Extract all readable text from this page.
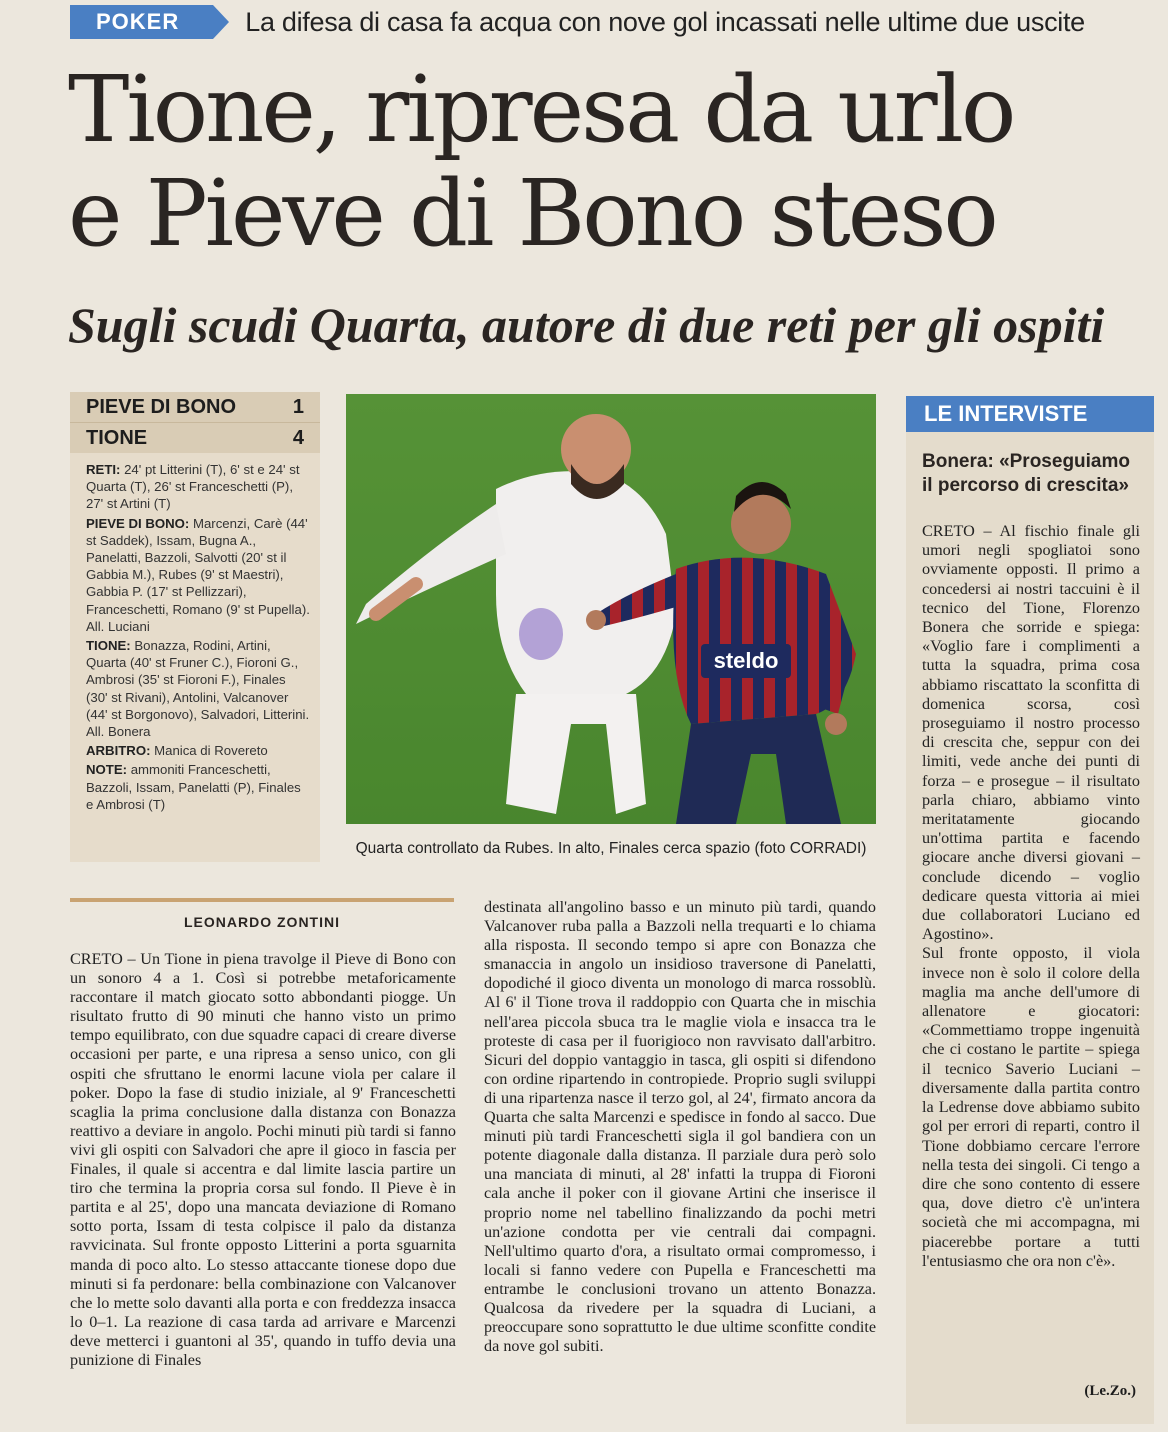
POKER	La difesa di casa fa acqua con nove gol incassati nelle ultime due uscite
Tione, ripresa da urlo
e Pieve di Bono steso
Sugli scudi Quarta, autore di due reti per gli ospiti
PIEVE DI BONO	1
TIONE	4

RETI: 24' pt Litterini (T), 6' st e 24' st Quarta (T), 26' st Franceschetti (P), 27' st Artini (T)

PIEVE DI BONO: Marcenzi, Carè (44' st Saddek), Issam, Bugna A., Panelatti, Bazzoli, Salvotti (20' st il Gabbia M.), Rubes (9' st Maestri), Gabbia P. (17' st Pellizzari), Franceschetti, Romano (9' st Pupella). All. Luciani

TIONE: Bonazza, Rodini, Artini, Quarta (40' st Fruner C.), Fioroni G., Ambrosi (35' st Fioroni F.), Finales (30' st Rivani), Antolini, Valcanover (44' st Borgonovo), Salvadori, Litterini. All. Bonera

ARBITRO: Manica di Rovereto

NOTE: ammoniti Franceschetti, Bazzoli, Issam, Panelatti (P), Finales e Ambrosi (T)

steldo
Quarta controllato da Rubes. In alto, Finales cerca spazio (foto CORRADI)
LE INTERVISTE
Bonera: «Proseguiamo il percorso di crescita»

CRETO – Al fischio finale gli umori negli spogliatoi sono ovviamente opposti. Il primo a concedersi ai nostri taccuini è il tecnico del Tione, Florenzo Bonera che sorride e spiega: «Voglio fare i complimenti a tutta la squadra, prima cosa abbiamo riscattato la sconfitta di domenica scorsa, così proseguiamo il nostro processo di crescita che, seppur con dei limiti, vede anche dei punti di forza – e prosegue – il risultato parla chiaro, abbiamo vinto meritatamente giocando un'ottima partita e facendo giocare anche diversi giovani – conclude dicendo – voglio dedicare questa vittoria ai miei due collaboratori Luciano ed Agostino».

Sul fronte opposto, il viola invece non è solo il colore della maglia ma anche dell'umore di allenatore e giocatori: «Commettiamo troppe ingenuità che ci costano le partite – spiega il tecnico Saverio Luciani – diversamente dalla partita contro la Ledrense dove abbiamo subito gol per errori di reparti, contro il Tione dobbiamo cercare l'errore nella testa dei singoli. Ci tengo a dire che sono contento di essere qua, dove dietro c'è un'intera società che mi accompagna, mi piacerebbe portare a tutti l'entusiasmo che ora non c'è».

(Le.Zo.)
LEONARDO ZONTINI

CRETO – Un Tione in piena travolge il Pieve di Bono con un sonoro 4 a 1. Così si potrebbe metaforicamente raccontare il match giocato sotto abbondanti piogge. Un risultato frutto di 90 minuti che hanno visto un primo tempo equilibrato, con due squadre capaci di creare diverse occasioni per parte, e una ripresa a senso unico, con gli ospiti che sfruttano le enormi lacune viola per calare il poker. Dopo la fase di studio iniziale, al 9' Franceschetti scaglia la prima conclusione dalla distanza con Bonazza reattivo a deviare in angolo. Pochi minuti più tardi si fanno vivi gli ospiti con Salvadori che apre il gioco in fascia per Finales, il quale si accentra e dal limite lascia partire un tiro che termina la propria corsa sul fondo. Il Pieve è in partita e al 25', dopo una mancata deviazione di Romano sotto porta, Issam di testa colpisce il palo da distanza ravvicinata. Sul fronte opposto Litterini a porta sguarnita manda di poco alto. Lo stesso attaccante tionese dopo due minuti si fa perdonare: bella combinazione con Valcanover che lo mette solo davanti alla porta e con freddezza insacca lo 0–1. La reazione di casa tarda ad arrivare e Marcenzi deve metterci i guantoni al 35', quando in tuffo devia una punizione di Finales

destinata all'angolino basso e un minuto più tardi, quando Valcanover ruba palla a Bazzoli nella trequarti e lo chiama alla risposta. Il secondo tempo si apre con Bonazza che smanaccia in angolo un insidioso traversone di Panelatti, dopodiché il gioco diventa un monologo di marca rossoblù. Al 6' il Tione trova il raddoppio con Quarta che in mischia nell'area piccola sbuca tra le maglie viola e insacca tra le proteste di casa per il fuorigioco non ravvisato dall'arbitro. Sicuri del doppio vantaggio in tasca, gli ospiti si difendono con ordine ripartendo in contropiede. Proprio sugli sviluppi di una ripartenza nasce il terzo gol, al 24', firmato ancora da Quarta che salta Marcenzi e spedisce in fondo al sacco. Due minuti più tardi Franceschetti sigla il gol bandiera con un potente diagonale dalla distanza. Il parziale dura però solo una manciata di minuti, al 28' infatti la truppa di Fioroni cala anche il poker con il giovane Artini che inserisce il proprio nome nel tabellino finalizzando da pochi metri un'azione condotta per vie centrali dai compagni. Nell'ultimo quarto d'ora, a risultato ormai compromesso, i locali si fanno vedere con Pupella e Franceschetti ma entrambe le conclusioni trovano un attento Bonazza. Qualcosa da rivedere per la squadra di Luciani, a preoccupare sono soprattutto le due ultime sconfitte condite da nove gol subiti.
